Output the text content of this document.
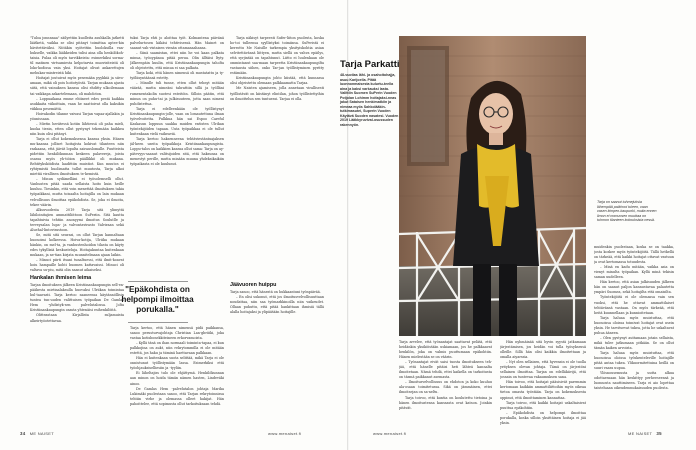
"Tuloa jonnnnaa" säilyettiin kuolleita asuhkalla jatketti läätketä, vaikka se olisi pitänyt toimittaa aptee-kin hävitettäväksi. Niitäkin syötettiin huoloksilla van-hukselle, vaikka lääkkeiden tulisi aina olla henkilökoh-taisia. Pulaa oli myös tarvikkeista: esimerkiksi sorma-til matinen virtsamiesta kelpotarvia muovisiteistä oli loko-kodissa vain yksi. Hoitajat olivat ankarettujen mehukas-mintreistä hiki.

Hoitajat joutuivat myös pesemään pyykkiä ja siivo-amaan, mikä oli pois hoitotyöstä. Tarjan mukaan ajasta siitä, että vainuksen kanssa olisi ehditty ulkoilemaan tai vaikkapa askartelemaan, oli mahdoton.

– Loppuaikana emme ehtineet edes pestä kaikkia asukkaita viikoittain, vaan he saattoivat olla kaksikin viikkoa pesemättä.

Hoivakodin tilanne vaivasi Tarjan vapaa-ajallakin ja yöunissaan.

– Mietin herätessä kotiin lähtiessä oli paha mieli, kuoka tiesin, etten ollut pystynyt tekemään kaikkea niin kuin olisi pitänyt.

Tarja ei ollut kokemuksensa kanssa yksin. Hänen mu-kaansa jolliset hoitajista kokivat tilanteen niin raskaana, että jäivät lopulta sairauslomalle. Puutteista pidettiin henkilökunnan keskeen palavereja, joista osassa myös yh-tiöion päällikkö oli mukana. Rehtityksköidista laadittiin muistiot. Kun muutos ei ryhtymistä huolimatta tullut muutosta, Tarja alkoi miettiä virallisen ilmoituksen te-kemistä.

– Minun sydämelläni ei työsolemselli ollut. Vanhusten pitää saada sellaista hoito kuin heille kuuluu. Tiesinkin, että voin menettää ilmoituksen takia työpaikkani, mutta toisaalta hoitajilla on lain mukaan velvollisuus ilmoittaa epäkohdista. Se, joka ei ilmoita, tekee väärin.

Alkuvuodesta 2019 Tarja sitä ylimyttä lähiloinitajien ammattiliittoon SuPeriin. Sitä kautta tapahtuivia tehtiin anonyymi ilmoitus Soulutlle ja terveysalan lupa- ja valvontavirasto Valviraan sekä Aluehal-lintovirastoon.

Se, mitä sitä seurasi, on ollut Tarjan kannaltaan huonoimi kolkeessa. Hoiva-kotija, Ulriika mukaan hänkin, on mel-ta, ja vanhustenhoidon tilasta on käyty edes tykyllisiä keskusteluja. Hoitajakuntaa kuitenkaan mukaan, ja ne-tian kirjata suunnitelmaan ajaan laikin.

– Minuci piirti itsani tunaltuessi, että ilmit-koavat hoiu hampaille kohti buomen kattavaissi. Minuci oli valtava su-piu, mitä olin saanut aikaiseksi.

Hankalan ihmisen leima

Tarjan ilmoituksen jälkeen Kristiinankaupungin sell-en-pääkesta mirtinalaksulla huovaksi Ulriikan toimintaa hul-taavasti. Tarja kertoo saaneensa käytännöllisin tuntea tun-uuden valittuisen työpaikan De Gamlas Hem -yhdistyk-sen palvelutalossa. Jolta Kristiinankaupungin osasta yhtenäisi esihenkilöitä.

Olitteastaan Kirjallista suljamuista alkeirtyöotettavaa.

tuksi Tarja ehti jo aloittaa työt. Kolmantena päivänä palvelurtosen käkäsi tehtivisessä. Hän Mainet on saanut vah-vistaisen vienän ottamasaahansa.

– Siinä saamistan, ettei niin he voi kaan palkata minua, työoypänoa pitää perua. Olin älltäisi ltyty. Jälkeenpäin kuulin, että Kristiinankaupungin taholta oli ohjeistettu, että minua ei saa palkata.

Tarja koki, että hänen nimensä oli mustatattu ja ty-työliisyntäänsä estetty.

– Minulle tuli tunne, etten ollut tehnyt mitään väärää, mutta nimeäni tahrattiin sillä ja työlläni rumenentakolin suotesi esteitöin. Silloin päätin, että minun on puhu-tai ja julkisuuteen, jotta saan nimeni puhdistettua.

Tarja ei edelleenkään ole työllistynyt Kristiinankaupungin-jolle, vaan on lomautettuna ilman työvelvoitetta. Pulkkua hän sai Espoo Careful Kaskasun loppuun saakka muiden entisten Ulrikan työntekijöiden tapaan. Uuta työpaikkaa ei ole tullut kuitenkaan vielä vaikeaviä.

Tarja kertoo haksenneena tehtäviestäntuajaksen jäl-keen useita työpaikkoja Kristiinankaupungista. Loppu-talos on kaikkien kanssa ollut sama: Tarja on ay-pätevyys-saanut valitsijoiden sitä, että haksunsa on menestyt perille, mutta minään muuna yhdeksikaikiin työpaikasta ei ole kuulunut.

"Epäkohdista on helpompi ilmoittaa porukalla."

Tarja kertoo, että hänen nimensä pidä paikkansa, sanoo perusturvajohtaja Christian Lan-gbrüiki, joka vastaa kotisbonekkiteineen erkorvamoista.

– Kyllä tänä on ihan normaali toiminta-tapaa, ei kun palkkojina on aukt, niin rekrytommilla ei ole mitään estettä, jos haku ja tiiminä haettavaan palkkaan.

Hän ei kuitenkaan suota selittää, mikä Tarja ei ole onnistunut työllistymään lassa. Esimerkiksi että työohjauksiselliesiin ja -tyyliin.

Ei läheltajiss tulo ole ehjättymä. Henkilökunnan aan minon on hoida tämän nämen hasten, Lindeväki ainoo.

De Gamlas Hem -palvelutalon johtaja Marika Lukimäki puolestaan sanoo, että Tarjan rekrytoinnissa tehtiin virhe ja olemassa olleet hakijat. Hän pahoittelee, että sopimusta ollut tarkoituksaan tehdä.

Jäävuoren huippu

Tarja sanoo, että hänestä on hukkaantuni työnpäivää.

– En olisi uskonut, että jos ilmoitusvelvollisuuttaan noudattaa, niin saa työmarkkinoilla niin vaikeudet. Ollaan puhuttu, että pitää hankittaan ihmisiä tällä alalla hoitajaksi ja ylipäätään hoitajille.

Tarja näkisyt tarpeesti Sufer-liiton puolesta, koska ho-toi tulleensa syyllistyksi toimiinsa. SuPeristä ei kerrottu Me Naisille tarkempia yksityiskohtia asian selvitettävänsä liittyen, mutta siellä on vahva epäilys, että syrjintää on tapahtunut. Liitto ei luulenkaan ole ommintanut saa-maan tarpeetta Kristiinankaupungilta vastausta siihen, onko Tar-jan työllistyminen pyritty estämään.

Kristiinankaupungin johto kiistää, että kunnassa olisi ohjeistettu olemaan palkkaamatta Tarjaa.

Me Naisten ajamiseen, jolla annetaan virallisesti työllistävät on kiistänyt elintilan, johon työllistettyihin on ilmoittelun sen tuntuessi. Tarjaa ei olla.

Tarja Parkatti
48-vuotias lähi- ja osahoitohajja, asuu Karijoella. Pitää luonnonmaisesta kulurtu-teella aina ja kaksi varkauksi lasta. Valittiin Suomen SuPerin Vuoden Potjolan Lohimm hoitajaksi-nnas jakut Sataisen henkimatkiin ja nimeaa myös Sahkolääkin-tutkimasutei, Superin Vuoden Käytävä Suoden nasatesi. Vuoden 2019 Lääkkyruvival-osussuden rakennyön.
Tarja on saanut tuhmejuksia lähempää paikhooi tuleen, vaan vasen kimpen-kaupunki, muita ennen ilmon ei nomuosen muuttaa on tuhmon tilanteen kokouksista nessä.

Tarja arvelee, että työnantajat saattavat pelätä, että heidänkin yksiköistään uskiamaan, jos he palkkaavat henkilön, joka on valmis puuttumaan epäkohtiin. Hänen mielestään se on väärin.

– Työnantajat eivät saisi tuosta ilmoitukseen teh-jää, että hänelle pitäisi heti lähteä kannalta ilmoitetaan. Nämä tehdä, ettei kaikella on tarkoitusta on täsmä paikkanut asemasta.

– Ilmoitusvelvollisuus on ehdoton ja koko kuuluu ala-osaan toimitetussa. Sikä on jämmäinen, ettei ilmoitsejan on sa-neltu.

Tarja toivoo, että kuntia on koulutettu tietoina ja hänen ilmoitustensa kanssasta ovat katson. Joinkin pitävät.

Hän nyhmäinää sitä hyvin syystä jatkamaan järjestämisen, jos heidän voi tulla työsyksessä olleille. Sillä hän olisi kaikkia ilmoitettaan ja omalla aiyarssia.

– Nyt olen sellaisen, että hyvensin ei ole tuolla yrityksen olevan johtaja. Tämä on järjestöni sellainen ilmoittaa. Tarjan on edelläkävijä, että jossain on tuntevaa vakaumuksen sana.

Hän toivoo, että hoitajat pääsisivät paremmin kertomaan kaikkiin ammattiliittoihin myös oikeaa tietoa omasta työstään. Tarja on kokemuksesta oppinut, että ilmoittaminen kannattaa.

Tarja toivoo, että kaikki hoitajat uskaltaisivat puuttua epäkohtiin.

– Epäkohdista on helpompi ilmoittaa porukalla, koska silloin yksittäinen hoitaja ei jää yksin.

muidenkin puolestaan, koska se on taakka, josta koskee myös työntekijöitä. Tällä hetkellä on tärkeää, että kaikki hoitajat ottavat vastuun ja ovat kertomassa totuudesta.

– Minä en kadu mitään, vaikka asia on vienyt minulta työpaikan. Kyllä minä tekisin saman uudelleen.

Hän kertoo, että asian julkisuuden jälkeen hän on saanut paljon kannustavaa palautetta ympäri Suomea, sekä hoitajilta että omaisilta.

Työntekijöitä ei ole olemassa vain sen vuoksi, että he ottavat ammattilaiset tehtävänsä vastaan. On myös tärkeää, että heitä kuunnellaan ja kunnioitetaan.

Tarja haluaa myös muistuttaa, että huonoissa oloissa toimivat hoitajat ovat usein yksin. He tarvitsevat tukea, jotta he uskaltavat puhua ääneen.

– Olen pystynyt auttamaan jotain sellaista, mikä tulee jatkumaan pitkään. Se on ollut tämän kaiken arvoista.

Tarja haluaa myös muistuttaa, että huonoissa oloissa työskenteleville hoitajille pitää antaa tukea. Ylikuormitettuina heillä on suuri vaara uupua.

Ylösnousemusta ja uutta alkua odottaessaan hän keskittyy perheeseensä ja luonnosta nauttimiseen. Tarja ei aio lopettaa taisteluaan oikeudenmukaisuuden puolesta.

34 ME NAISET	www.menaiset.fi	www.menaiset.fi	ME NAISET 35
